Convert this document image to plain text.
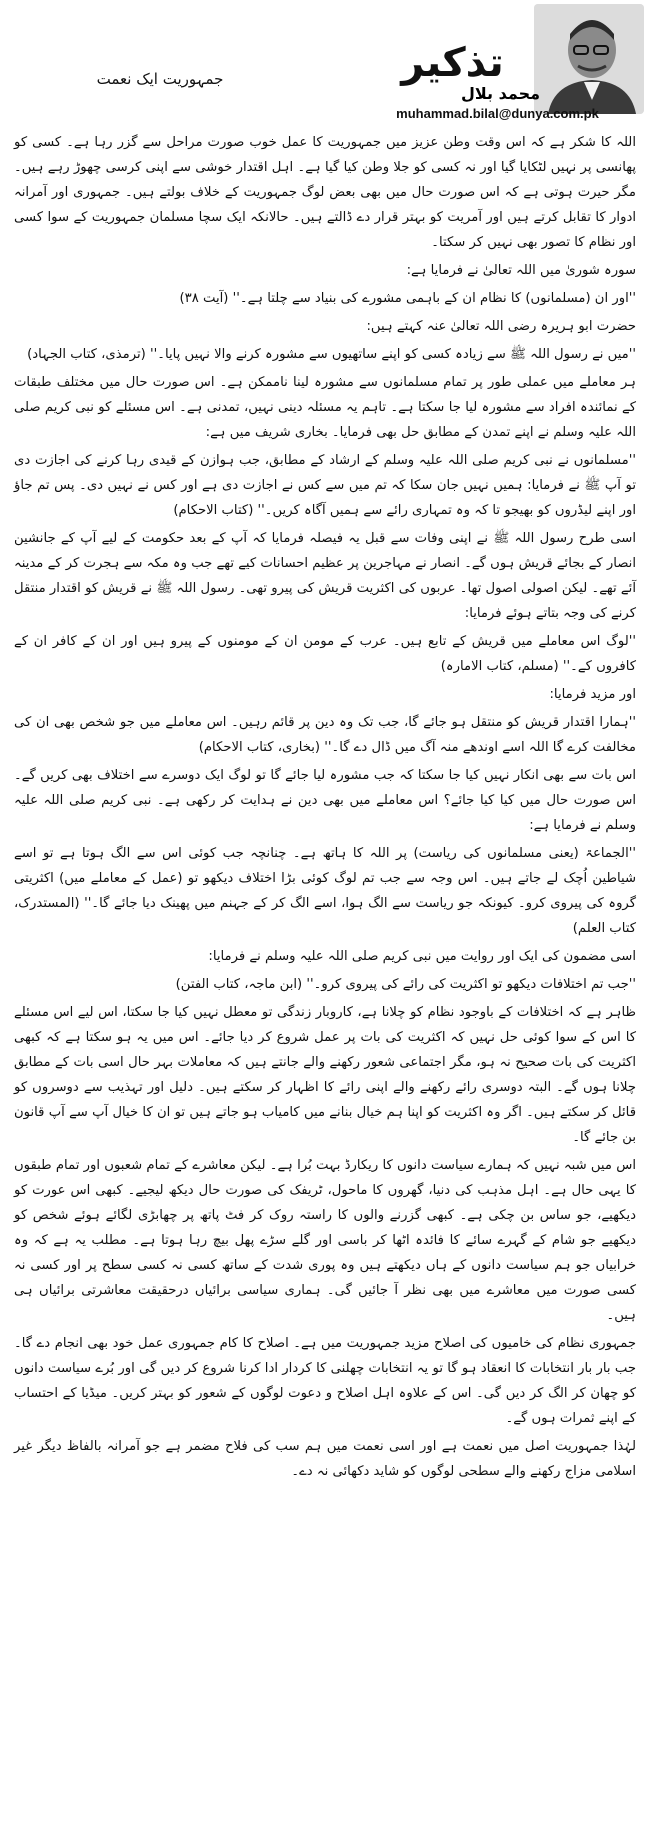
تذکیر
محمد بلال
muhammad.bilal@dunya.com.pk
جمہوریت ایک نعمت

اللہ کا شکر ہے کہ اس وقت وطن عزیز میں جمہوریت کا عمل خوب صورت مراحل سے گزر رہا ہے۔ کسی کو پھانسی پر نہیں لٹکایا گیا اور نہ کسی کو جلا وطن کیا گیا ہے۔ اہل اقتدار خوشی سے اپنی کرسی چھوڑ رہے ہیں۔ مگر حیرت ہوتی ہے کہ اس صورت حال میں بھی بعض لوگ جمہوریت کے خلاف بولتے ہیں۔ جمہوری اور آمرانہ ادوار کا تقابل کرتے ہیں اور آمریت کو بہتر قرار دے ڈالتے ہیں۔ حالانکہ ایک سچا مسلمان جمہوریت کے سوا کسی اور نظام کا تصور بھی نہیں کر سکتا۔

سورہ شوریٰ میں اللہ تعالیٰ نے فرمایا ہے:

''اور ان (مسلمانوں) کا نظام ان کے باہمی مشورے کی بنیاد سے چلتا ہے۔'' (آیت ۳۸)

حضرت ابو ہریرہ رضی اللہ تعالیٰ عنہ کہتے ہیں:

''میں نے رسول اللہ ﷺ سے زیادہ کسی کو اپنے ساتھیوں سے مشورہ کرنے والا نہیں پایا۔'' (ترمذی، کتاب الجہاد)

ہر معاملے میں عملی طور پر تمام مسلمانوں سے مشورہ لینا ناممکن ہے۔ اس صورت حال میں مختلف طبقات کے نمائندہ افراد سے مشورہ لیا جا سکتا ہے۔ تاہم یہ مسئلہ دینی نہیں، تمدنی ہے۔ اس مسئلے کو نبی کریم صلی اللہ علیہ وسلم نے اپنے تمدن کے مطابق حل بھی فرمایا۔ بخاری شریف میں ہے:

''مسلمانوں نے نبی کریم صلی اللہ علیہ وسلم کے ارشاد کے مطابق، جب ہوازن کے قیدی رہا کرنے کی اجازت دی تو آپ ﷺ نے فرمایا: ہمیں نہیں جان سکا کہ تم میں سے کس نے اجازت دی ہے اور کس نے نہیں دی۔ پس تم جاؤ اور اپنے لیڈروں کو بھیجو تا کہ وہ تمہاری رائے سے ہمیں آگاہ کریں۔'' (کتاب الاحکام)

اسی طرح رسول اللہ ﷺ نے اپنی وفات سے قبل یہ فیصلہ فرمایا کہ آپ کے بعد حکومت کے لیے آپ کے جانشین انصار کے بجائے قریش ہوں گے۔ انصار نے مہاجرین پر عظیم احسانات کیے تھے جب وہ مکہ سے ہجرت کر کے مدینہ آئے تھے۔ لیکن اصولی اصول تھا۔ عربوں کی اکثریت قریش کی پیرو تھی۔ رسول اللہ ﷺ نے قریش کو اقتدار منتقل کرنے کی وجہ بتاتے ہوئے فرمایا:

''لوگ اس معاملے میں قریش کے تابع ہیں۔ عرب کے مومن ان کے مومنوں کے پیرو ہیں اور ان کے کافر ان کے کافروں کے۔'' (مسلم، کتاب الامارہ)

اور مزید فرمایا:

''ہمارا اقتدار قریش کو منتقل ہو جائے گا، جب تک وہ دین پر قائم رہیں۔ اس معاملے میں جو شخص بھی ان کی مخالفت کرے گا اللہ اسے اوندھے منہ آگ میں ڈال دے گا۔'' (بخاری، کتاب الاحکام)

اس بات سے بھی انکار نہیں کیا جا سکتا کہ جب مشورہ لیا جائے گا تو لوگ ایک دوسرے سے اختلاف بھی کریں گے۔ اس صورت حال میں کیا کیا جائے؟ اس معاملے میں بھی دین نے ہدایت کر رکھی ہے۔ نبی کریم صلی اللہ علیہ وسلم نے فرمایا ہے:

''الجماعۃ (یعنی مسلمانوں کی ریاست) پر اللہ کا ہاتھ ہے۔ چنانچہ جب کوئی اس سے الگ ہوتا ہے تو اسے شیاطین اُچک لے جاتے ہیں۔ اس وجہ سے جب تم لوگ کوئی بڑا اختلاف دیکھو تو (عمل کے معاملے میں) اکثریتی گروہ کی پیروی کرو۔ کیونکہ جو ریاست سے الگ ہوا، اسے الگ کر کے جہنم میں پھینک دیا جائے گا۔'' (المستدرک، کتاب العلم)

اسی مضمون کی ایک اور روایت میں نبی کریم صلی اللہ علیہ وسلم نے فرمایا:

''جب تم اختلافات دیکھو تو اکثریت کی رائے کی پیروی کرو۔'' (ابن ماجہ، کتاب الفتن)

ظاہر ہے کہ اختلافات کے باوجود نظام کو چلانا ہے، کاروبار زندگی تو معطل نہیں کیا جا سکتا، اس لیے اس مسئلے کا اس کے سوا کوئی حل نہیں کہ اکثریت کی بات پر عمل شروع کر دیا جائے۔ اس میں یہ ہو سکتا ہے کہ کبھی اکثریت کی بات صحیح نہ ہو، مگر اجتماعی شعور رکھنے والے جانتے ہیں کہ معاملات بہر حال اسی بات کے مطابق چلانا ہوں گے۔ البتہ دوسری رائے رکھنے والے اپنی رائے کا اظہار کر سکتے ہیں۔ دلیل اور تہذیب سے دوسروں کو قائل کر سکتے ہیں۔ اگر وہ اکثریت کو اپنا ہم خیال بنانے میں کامیاب ہو جاتے ہیں تو ان کا خیال آپ سے آپ قانون بن جائے گا۔

اس میں شبہ نہیں کہ ہمارے سیاست دانوں کا ریکارڈ بہت بُرا ہے۔ لیکن معاشرے کے تمام شعبوں اور تمام طبقوں کا یہی حال ہے۔ اہل مذہب کی دنیا، گھروں کا ماحول، ٹریفک کی صورت حال دیکھ لیجیے۔ کبھی اس عورت کو دیکھیے، جو ساس بن چکی ہے۔ کبھی گزرنے والوں کا راستہ روک کر فٹ پاتھ پر چھابڑی لگائے ہوئے شخص کو دیکھیے جو شام کے گہرے سائے کا فائدہ اٹھا کر باسی اور گلے سڑے پھل بیچ رہا ہوتا ہے۔ مطلب یہ ہے کہ وہ خرابیاں جو ہم سیاست دانوں کے ہاں دیکھتے ہیں وہ پوری شدت کے ساتھ کسی نہ کسی سطح پر اور کسی نہ کسی صورت میں معاشرے میں بھی نظر آ جائیں گی۔ ہماری سیاسی برائیاں درحقیقت معاشرتی برائیاں ہی ہیں۔

جمہوری نظام کی خامیوں کی اصلاح مزید جمہوریت میں ہے۔ اصلاح کا کام جمہوری عمل خود بھی انجام دے گا۔ جب بار بار انتخابات کا انعقاد ہو گا تو یہ انتخابات چھلنی کا کردار ادا کرنا شروع کر دیں گی اور بُرے سیاست دانوں کو چھان کر الگ کر دیں گی۔ اس کے علاوہ اہل اصلاح و دعوت لوگوں کے شعور کو بہتر کریں۔ میڈیا کے احتساب کے اپنے ثمرات ہوں گے۔

لہٰذا جمہوریت اصل میں نعمت ہے اور اسی نعمت میں ہم سب کی فلاح مضمر ہے جو آمرانہ بالفاظ دیگر غیر اسلامی مزاج رکھنے والے سطحی لوگوں کو شاید دکھائی نہ دے۔
